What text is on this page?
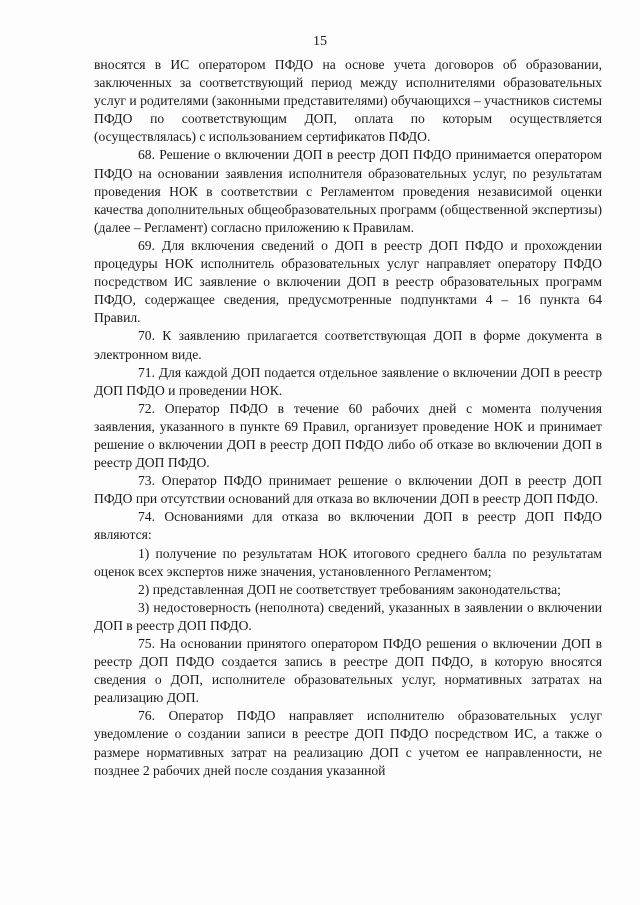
15

вносятся в ИС оператором ПФДО на основе учета договоров об образовании, заключенных за соответствующий период между исполнителями образовательных услуг и родителями (законными представителями) обучающихся – участников системы ПФДО по соответствующим ДОП, оплата по которым осуществляется (осуществлялась) с использованием сертификатов ПФДО.

68. Решение о включении ДОП в реестр ДОП ПФДО принимается оператором ПФДО на основании заявления исполнителя образовательных услуг, по результатам проведения НОК в соответствии с Регламентом проведения независимой оценки качества дополнительных общеобразовательных программ (общественной экспертизы) (далее – Регламент) согласно приложению к Правилам.

69. Для включения сведений о ДОП в реестр ДОП ПФДО и прохождении процедуры НОК исполнитель образовательных услуг направляет оператору ПФДО посредством ИС заявление о включении ДОП в реестр образовательных программ ПФДО, содержащее сведения, предусмотренные подпунктами 4 – 16 пункта 64 Правил.

70. К заявлению прилагается соответствующая ДОП в форме документа в электронном виде.

71. Для каждой ДОП подается отдельное заявление о включении ДОП в реестр ДОП ПФДО и проведении НОК.

72. Оператор ПФДО в течение 60 рабочих дней с момента получения заявления, указанного в пункте 69 Правил, организует проведение НОК и принимает решение о включении ДОП в реестр ДОП ПФДО либо об отказе во включении ДОП в реестр ДОП ПФДО.

73. Оператор ПФДО принимает решение о включении ДОП в реестр ДОП ПФДО при отсутствии оснований для отказа во включении ДОП в реестр ДОП ПФДО.

74. Основаниями для отказа во включении ДОП в реестр ДОП ПФДО являются:

1) получение по результатам НОК итогового среднего балла по результатам оценок всех экспертов ниже значения, установленного Регламентом;

2) представленная ДОП не соответствует требованиям законодательства;

3) недостоверность (неполнота) сведений, указанных в заявлении о включении ДОП в реестр ДОП ПФДО.

75. На основании принятого оператором ПФДО решения о включении ДОП в реестр ДОП ПФДО создается запись в реестре ДОП ПФДО, в которую вносятся сведения о ДОП, исполнителе образовательных услуг, нормативных затратах на реализацию ДОП.

76. Оператор ПФДО направляет исполнителю образовательных услуг уведомление о создании записи в реестре ДОП ПФДО посредством ИС, а также о размере нормативных затрат на реализацию ДОП с учетом ее направленности, не позднее 2 рабочих дней после создания указанной
